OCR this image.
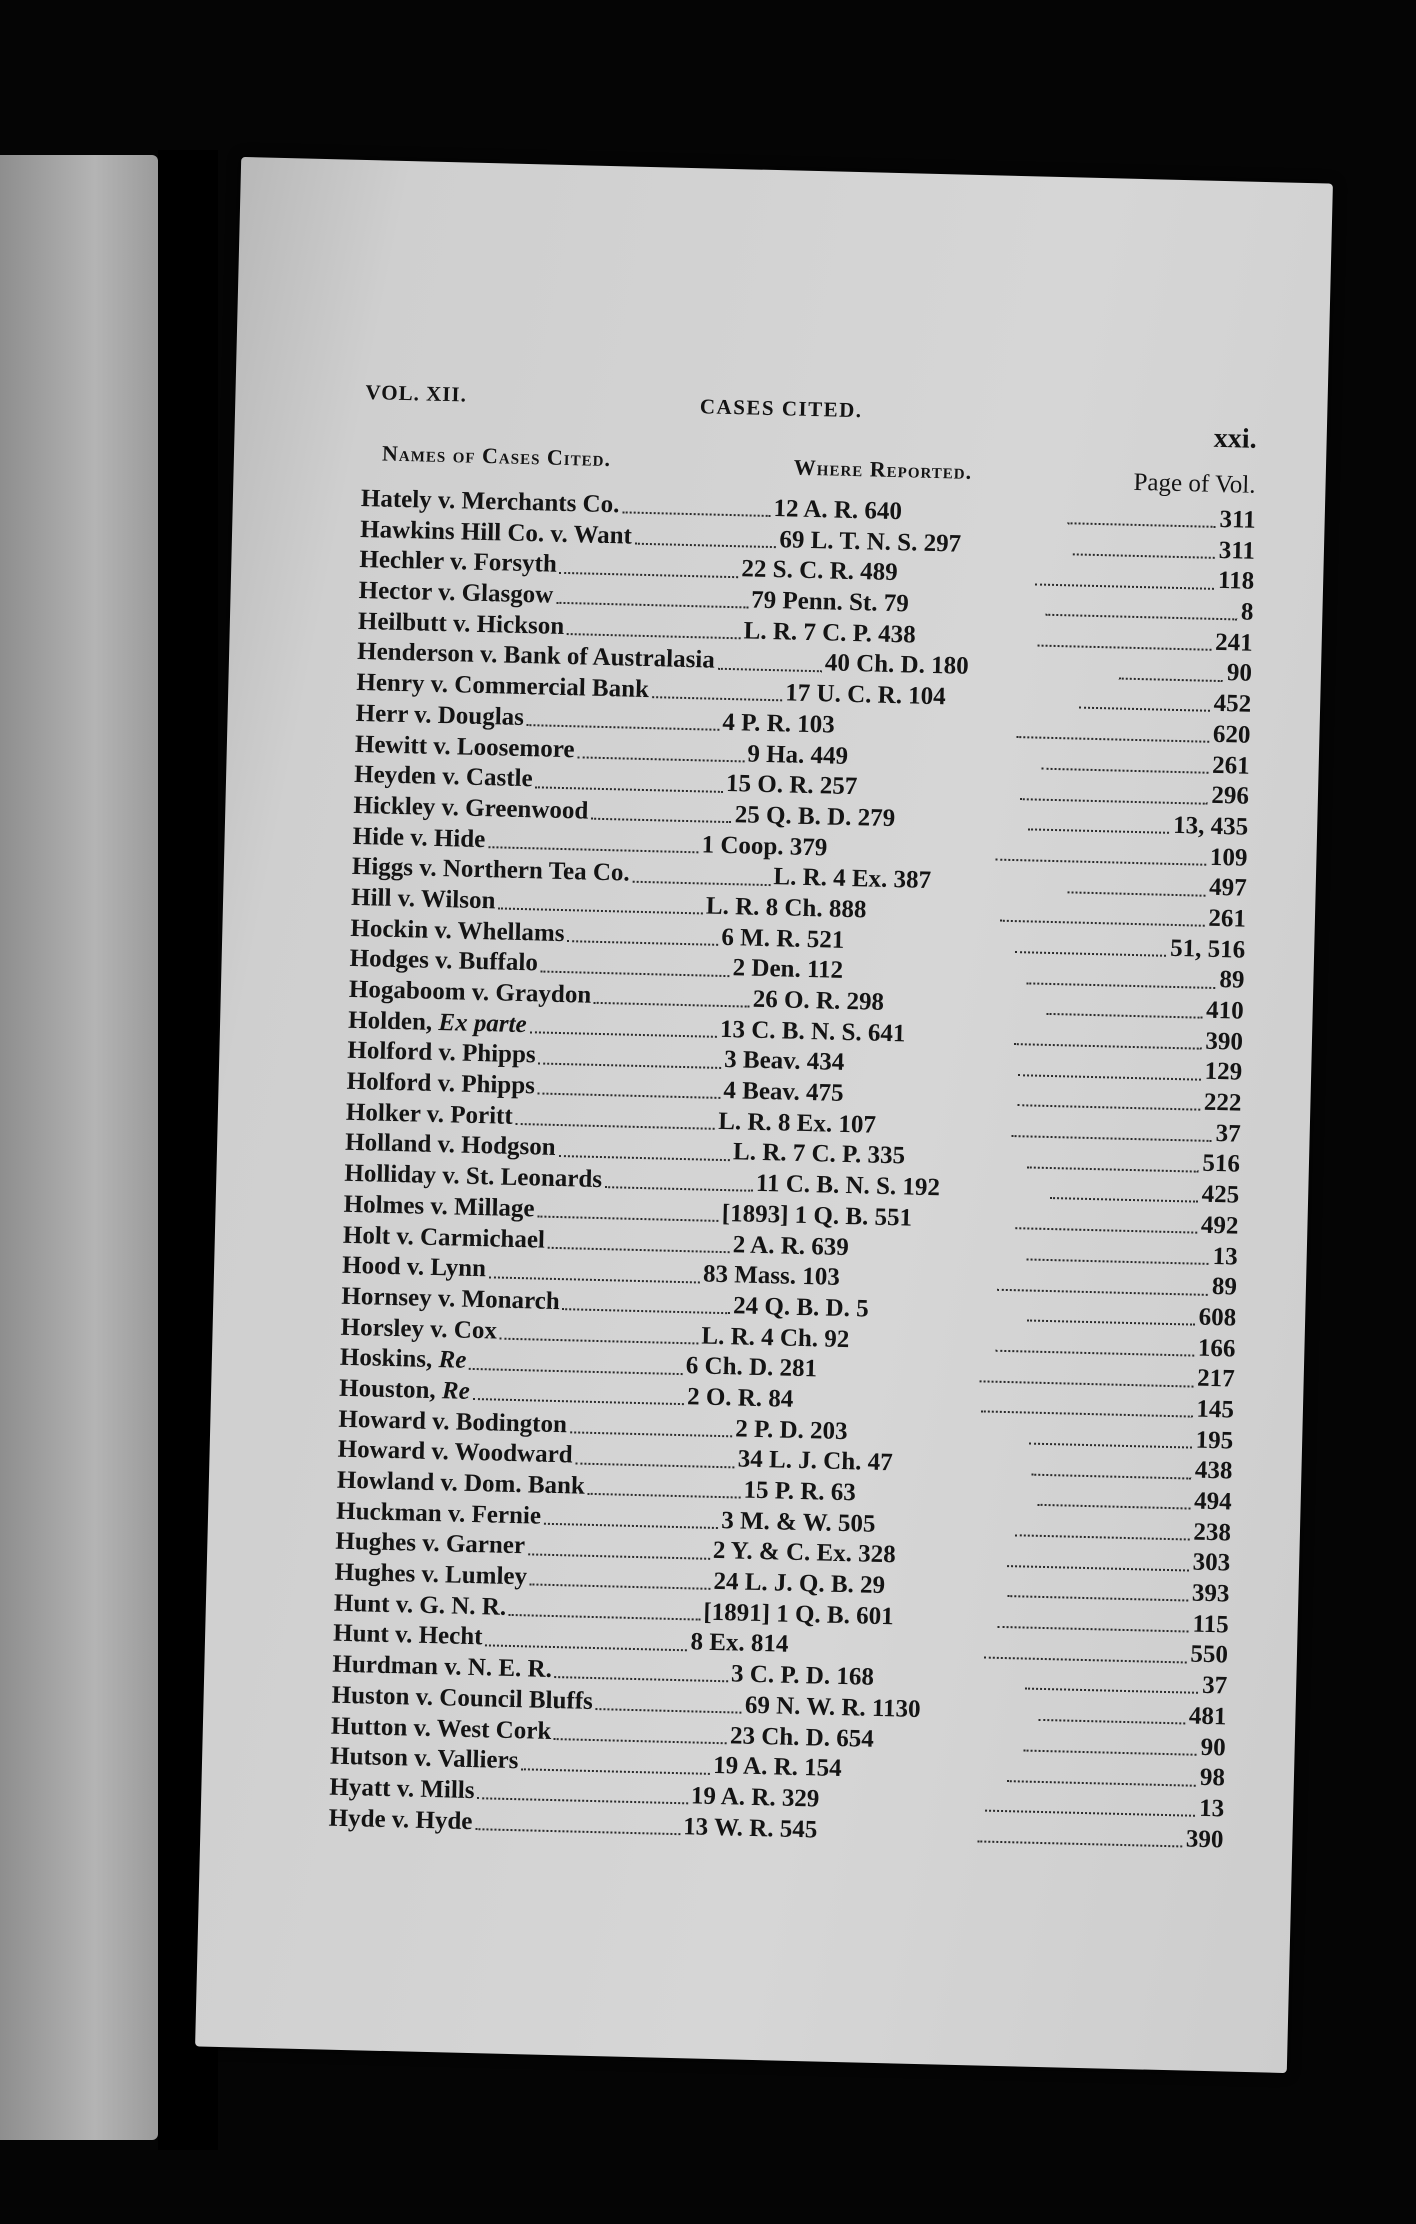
VOL. XII.
CASES CITED.
xxi.
Names of Cases Cited.	Where Reported.	Page of Vol.
Hately v. Merchants Co.	12 A. R. 640	311
Hawkins Hill Co. v. Want	69 L. T. N. S. 297	311
Hechler v. Forsyth	22 S. C. R. 489	118
Hector v. Glasgow	79 Penn. St. 79	8
Heilbutt v. Hickson	L. R. 7 C. P. 438	241
Henderson v. Bank of Australasia	40 Ch. D. 180	90
Henry v. Commercial Bank	17 U. C. R. 104	452
Herr v. Douglas	4 P. R. 103	620
Hewitt v. Loosemore	9 Ha. 449	261
Heyden v. Castle	15 O. R. 257	296
Hickley v. Greenwood	25 Q. B. D. 279	13, 435
Hide v. Hide	1 Coop. 379	109
Higgs v. Northern Tea Co.	L. R. 4 Ex. 387	497
Hill v. Wilson	L. R. 8 Ch. 888	261
Hockin v. Whellams	6 M. R. 521	51, 516
Hodges v. Buffalo	2 Den. 112	89
Hogaboom v. Graydon	26 O. R. 298	410
Holden, Ex parte	13 C. B. N. S. 641	390
Holford v. Phipps	3 Beav. 434	129
Holford v. Phipps	4 Beav. 475	222
Holker v. Poritt	L. R. 8 Ex. 107	37
Holland v. Hodgson	L. R. 7 C. P. 335	516
Holliday v. St. Leonards	11 C. B. N. S. 192	425
Holmes v. Millage	[1893] 1 Q. B. 551	492
Holt v. Carmichael	2 A. R. 639	13
Hood v. Lynn	83 Mass. 103	89
Hornsey v. Monarch	24 Q. B. D. 5	608
Horsley v. Cox	L. R. 4 Ch. 92	166
Hoskins, Re	6 Ch. D. 281	217
Houston, Re	2 O. R. 84	145
Howard v. Bodington	2 P. D. 203	195
Howard v. Woodward	34 L. J. Ch. 47	438
Howland v. Dom. Bank	15 P. R. 63	494
Huckman v. Fernie	3 M. & W. 505	238
Hughes v. Garner	2 Y. & C. Ex. 328	303
Hughes v. Lumley	24 L. J. Q. B. 29	393
Hunt v. G. N. R.	[1891] 1 Q. B. 601	115
Hunt v. Hecht	8 Ex. 814	550
Hurdman v. N. E. R.	3 C. P. D. 168	37
Huston v. Council Bluffs	69 N. W. R. 1130	481
Hutton v. West Cork	23 Ch. D. 654	90
Hutson v. Valliers	19 A. R. 154	98
Hyatt v. Mills	19 A. R. 329	13
Hyde v. Hyde	13 W. R. 545	390
